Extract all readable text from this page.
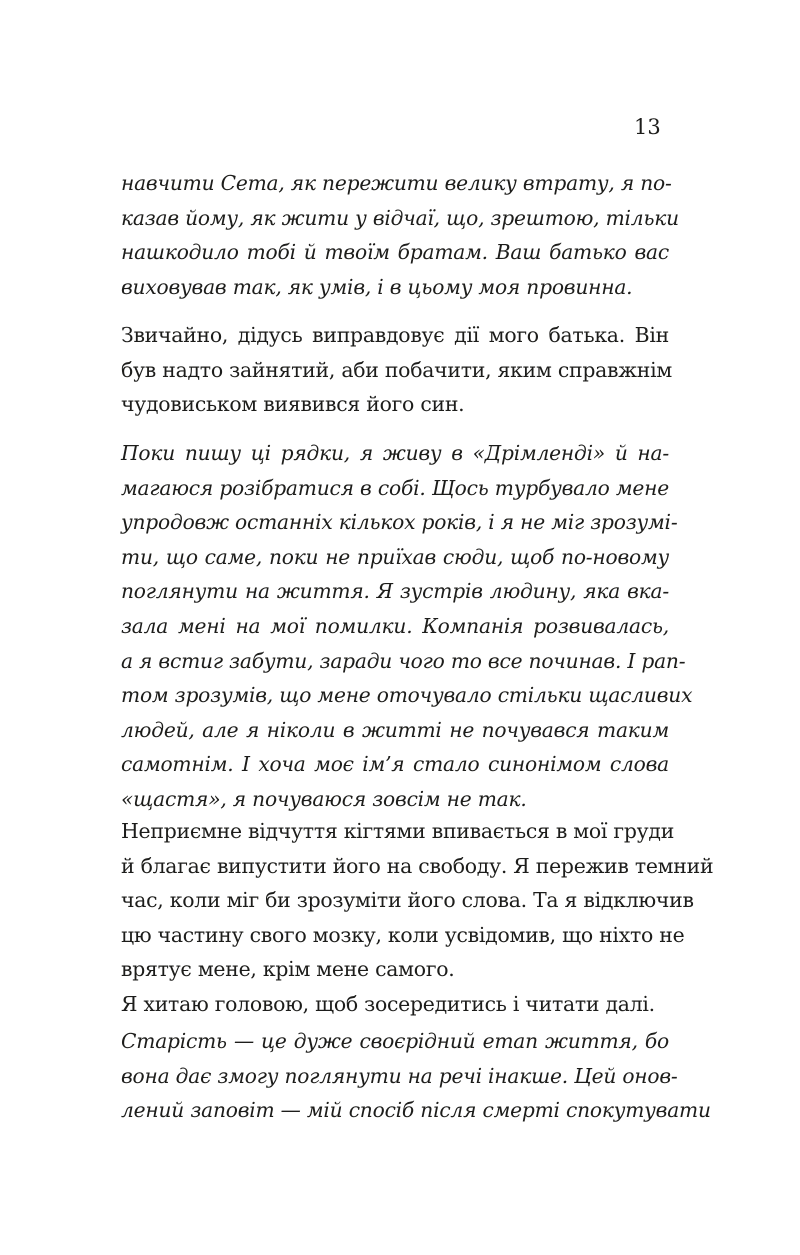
13
навчити Сета, як пережити велику втрату, я по-
казав йому, як жити у відчаї, що, зрештою, тільки
нашкодило тобі й твоїм братам. Ваш батько вас
виховував так, як умів, і в цьому моя провинна.
Звичайно, дідусь виправдовує дії мого батька. Він
був надто зайнятий, аби побачити, яким справжнім
чудовиськом виявився його син.
Поки пишу ці рядки, я живу в «Дрімленді» й на-
магаюся розібратися в собі. Щось турбувало мене
упродовж останніх кількох років, і я не міг зрозумі-
ти, що саме, поки не приїхав сюди, щоб по-новому
поглянути на життя. Я зустрів людину, яка вка-
зала мені на мої помилки. Компанія розвивалась,
а я встиг забути, заради чого то все починав. І рап-
том зрозумів, що мене оточувало стільки щасливих
людей, але я ніколи в житті не почувався таким
самотнім. І хоча моє ім’я стало синонімом слова
«щастя», я почуваюся зовсім не так.
Неприємне відчуття кігтями впивається в мої груди
й благає випустити його на свободу. Я пережив темний
час, коли міг би зрозуміти його слова. Та я відключив
цю частину свого мозку, коли усвідомив, що ніхто не
врятує мене, крім мене самого.
Я хитаю головою, щоб зосередитись і читати далі.
Старість — це дуже своєрідний етап життя, бо
вона дає змогу поглянути на речі інакше. Цей онов-
лений заповіт — мій спосіб після смерті спокутувати
